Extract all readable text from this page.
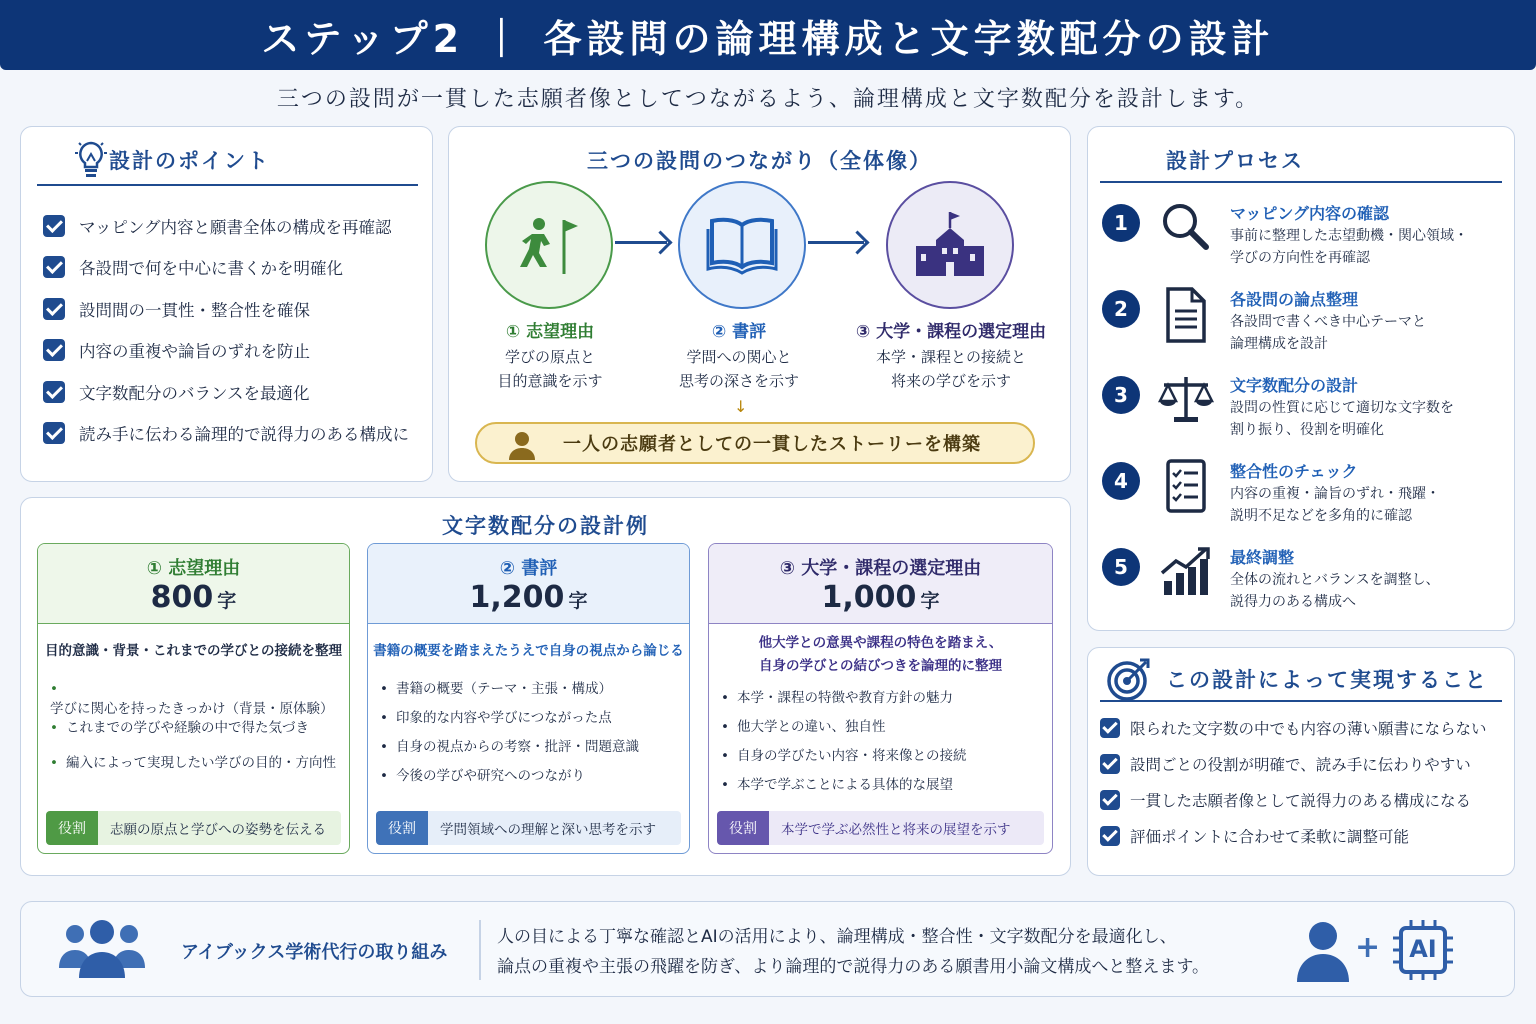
ステップ2 ｜ 各設問の論理構成と文字数配分の設計
三つの設問が一貫した志願者像としてつながるよう、論理構成と文字数配分を設計します。
設計のポイント
マッピング内容と願書全体の構成を再確認
各設問で何を中心に書くかを明確化
設問間の一貫性・整合性を確保
内容の重複や論旨のずれを防止
文字数配分のバランスを最適化
読み手に伝わる論理的で説得力のある構成に
三つの設問のつながり（全体像）
① 志望理由
学びの原点と
目的意識を示す
② 書評
学問への関心と
思考の深さを示す
③ 大学・課程の選定理由
本学・課程との接続と
将来の学びを示す
↓
一人の志願者としての一貫したストーリーを構築
設計プロセス
1	マッピング内容の確認
事前に整理した志望動機・関心領域・
学びの方向性を再確認
2	各設問の論点整理
各設問で書くべき中心テーマと
論理構成を設計
3	文字数配分の設計
設問の性質に応じて適切な文字数を
割り振り、役割を明確化
4	整合性のチェック
内容の重複・論旨のずれ・飛躍・
説明不足などを多角的に確認
5	最終調整
全体の流れとバランスを調整し、
説得力のある構成へ
この設計によって実現すること
限られた文字数の中でも内容の薄い願書にならない
設問ごとの役割が明確で、読み手に伝わりやすい
一貫した志願者像として説得力のある構成になる
評価ポイントに合わせて柔軟に調整可能
文字数配分の設計例
① 志望理由
800 字
目的意識・背景・これまでの学びとの接続を整理
• 学びに関心を持ったきっかけ（背景・原体験）
• これまでの学びや経験の中で得た気づき
• 編入によって実現したい学びの目的・方向性
役割	志願の原点と学びへの姿勢を伝える
② 書評
1,200 字
書籍の概要を踏まえたうえで自身の視点から論じる
• 書籍の概要（テーマ・主張・構成）
• 印象的な内容や学びにつながった点
• 自身の視点からの考察・批評・問題意識
• 今後の学びや研究へのつながり
役割	学問領域への理解と深い思考を示す
③ 大学・課程の選定理由
1,000 字
他大学との意異や課程の特色を踏まえ、
自身の学びとの結びつきを論理的に整理
• 本学・課程の特徴や教育方針の魅力
• 他大学との違い、独自性
• 自身の学びたい内容・将来像との接続
• 本学で学ぶことによる具体的な展望
役割	本学で学ぶ必然性と将来の展望を示す
アイブックス学術代行の取り組み
人の目による丁寧な確認とAIの活用により、論理構成・整合性・文字数配分を最適化し、
論点の重複や主張の飛躍を防ぎ、より論理的で説得力のある願書用小論文構成へと整えます。
+	AI
